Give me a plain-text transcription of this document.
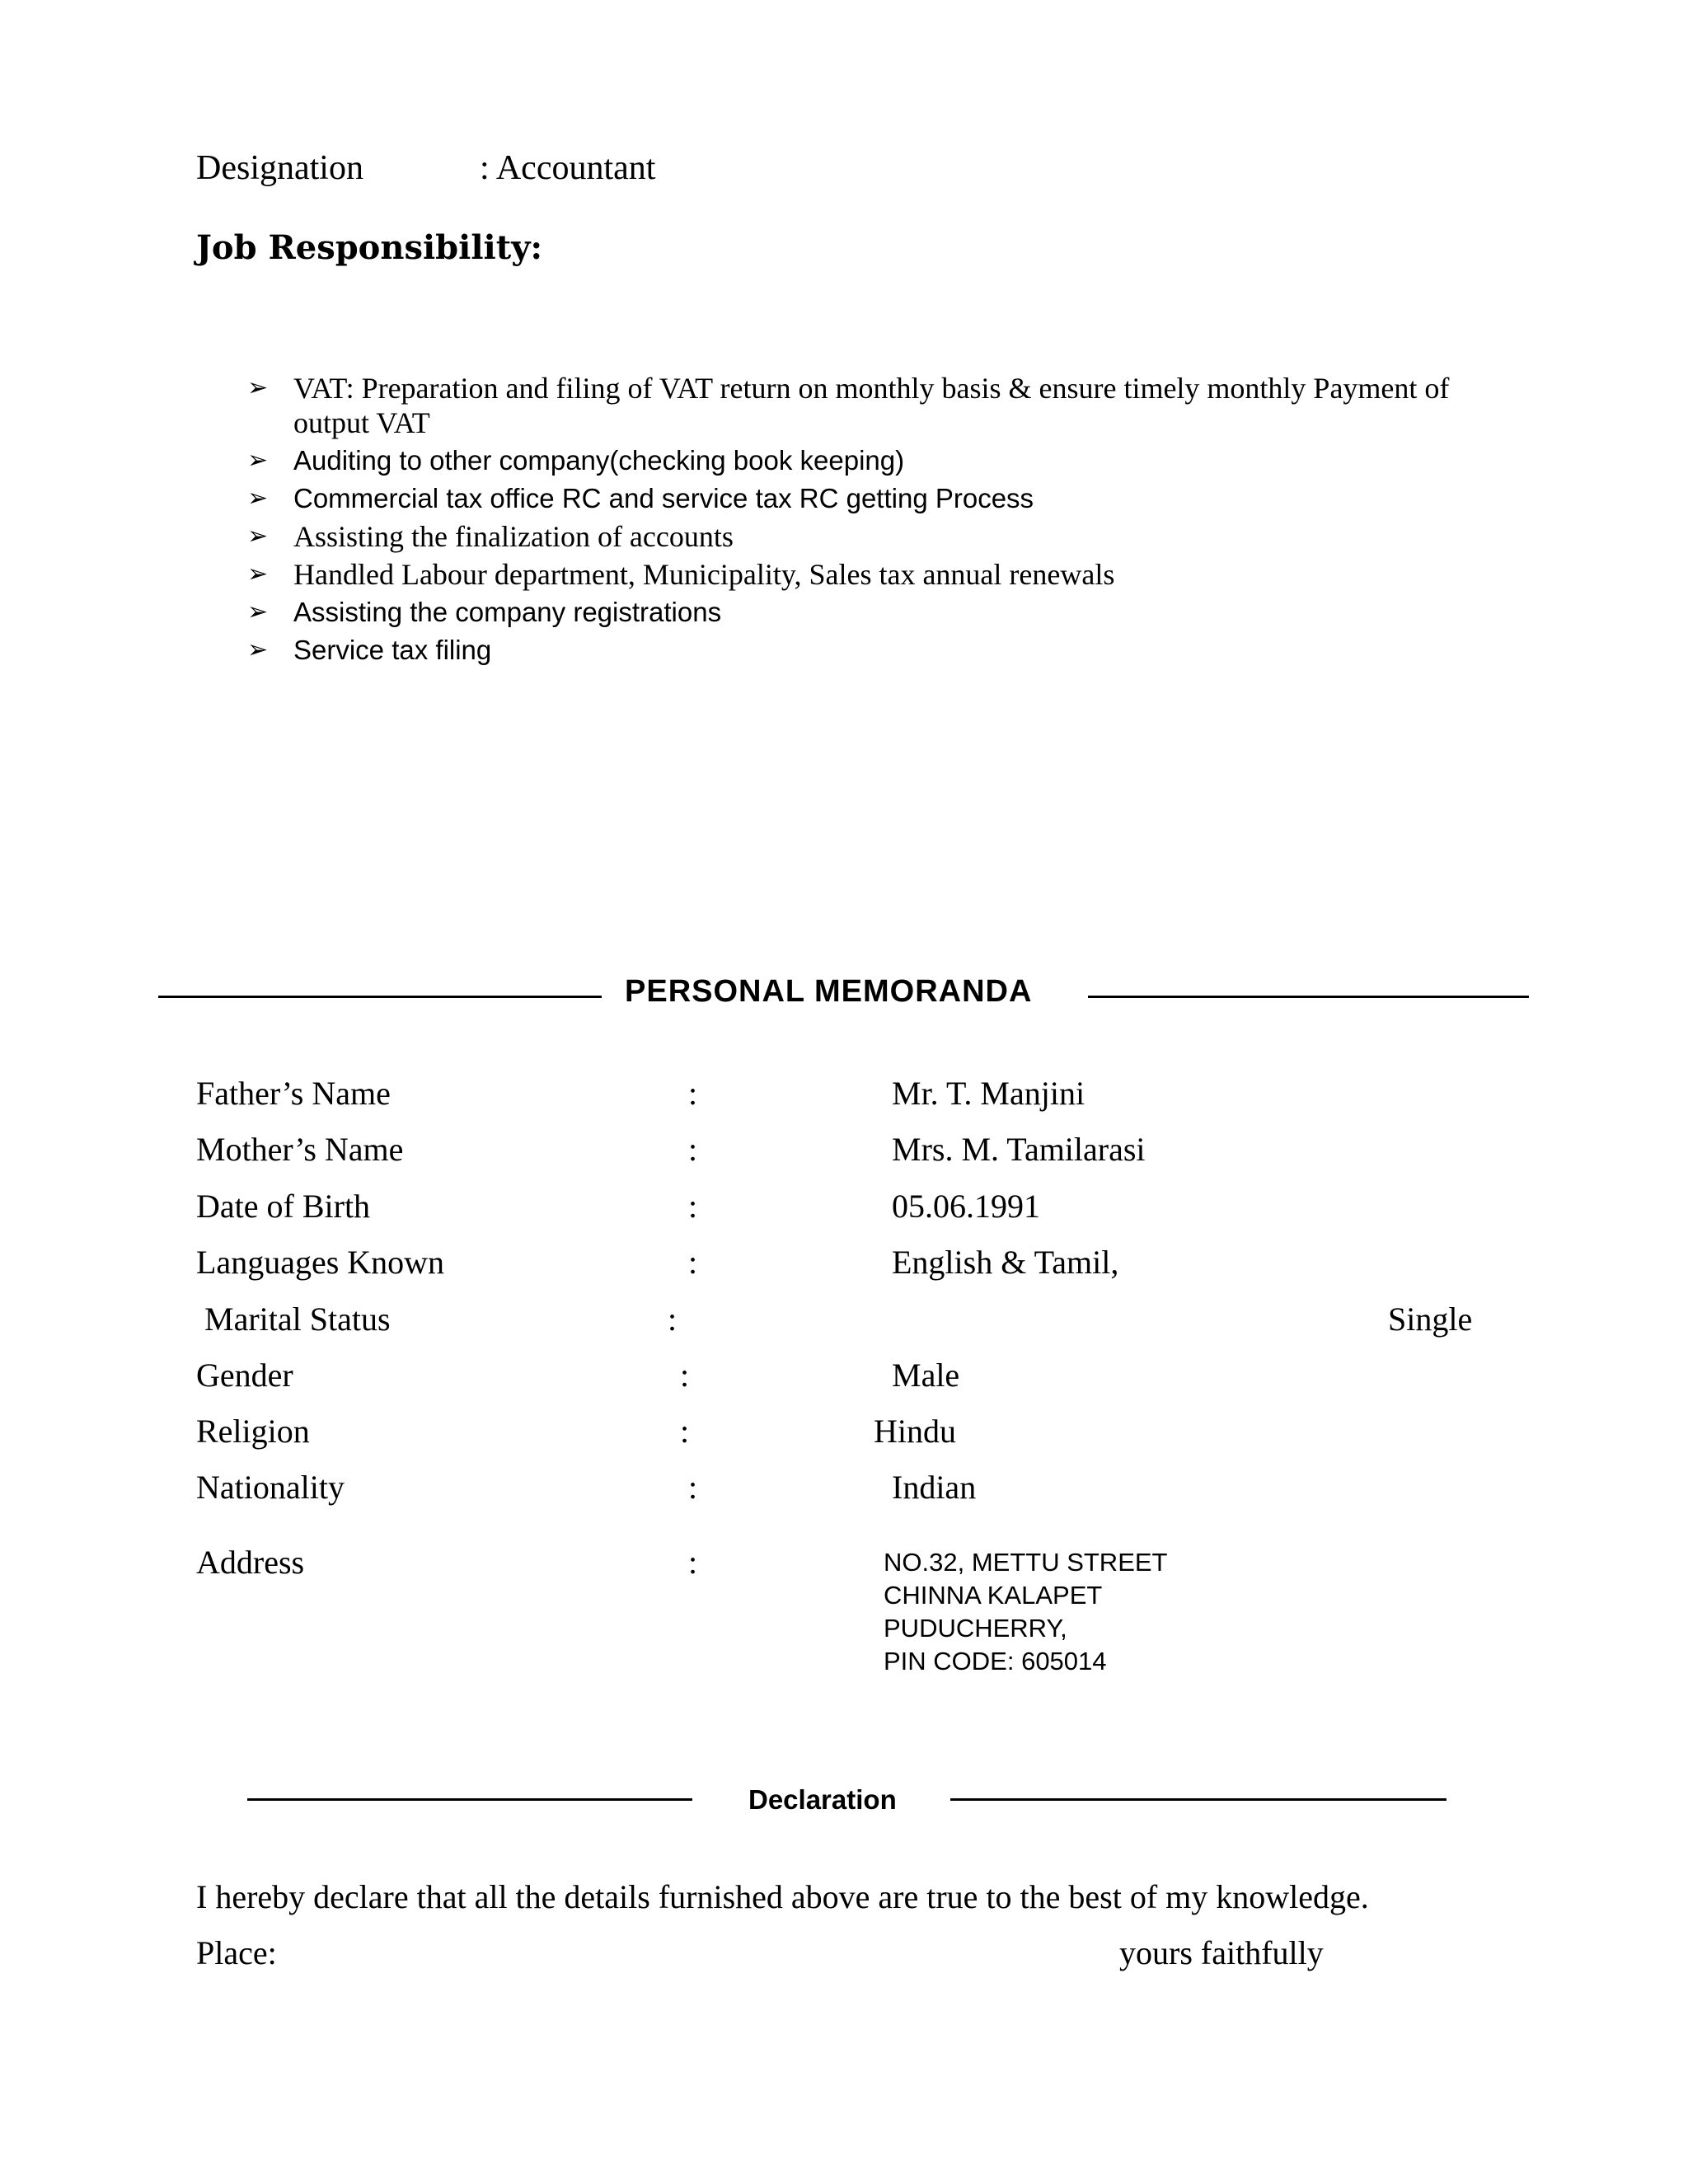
Designation	: Accountant
Job Responsibility:
➢ VAT: Preparation and filing of VAT return on monthly basis & ensure timely monthly Payment of output VAT
➢ Auditing to other company(checking book keeping)
➢ Commercial tax office RC and service tax RC getting Process
➢ Assisting the finalization of accounts
➢ Handled Labour department, Municipality, Sales tax annual renewals
➢ Assisting the company registrations
➢ Service tax filing
PERSONAL MEMORANDA
Father’s Name	:	Mr. T. Manjini
Mother’s Name	:	Mrs. M. Tamilarasi
Date of Birth	:	05.06.1991
Languages Known	:	English & Tamil,
Marital Status	:	Single
Gender	:	Male
Religion	:	Hindu
Nationality	:	Indian
Address	:	NO.32, METTU STREET
CHINNA KALAPET
PUDUCHERRY,
PIN CODE: 605014
Declaration
I hereby declare that all the details furnished above are true to the best of my knowledge.
Place:	yours faithfully
